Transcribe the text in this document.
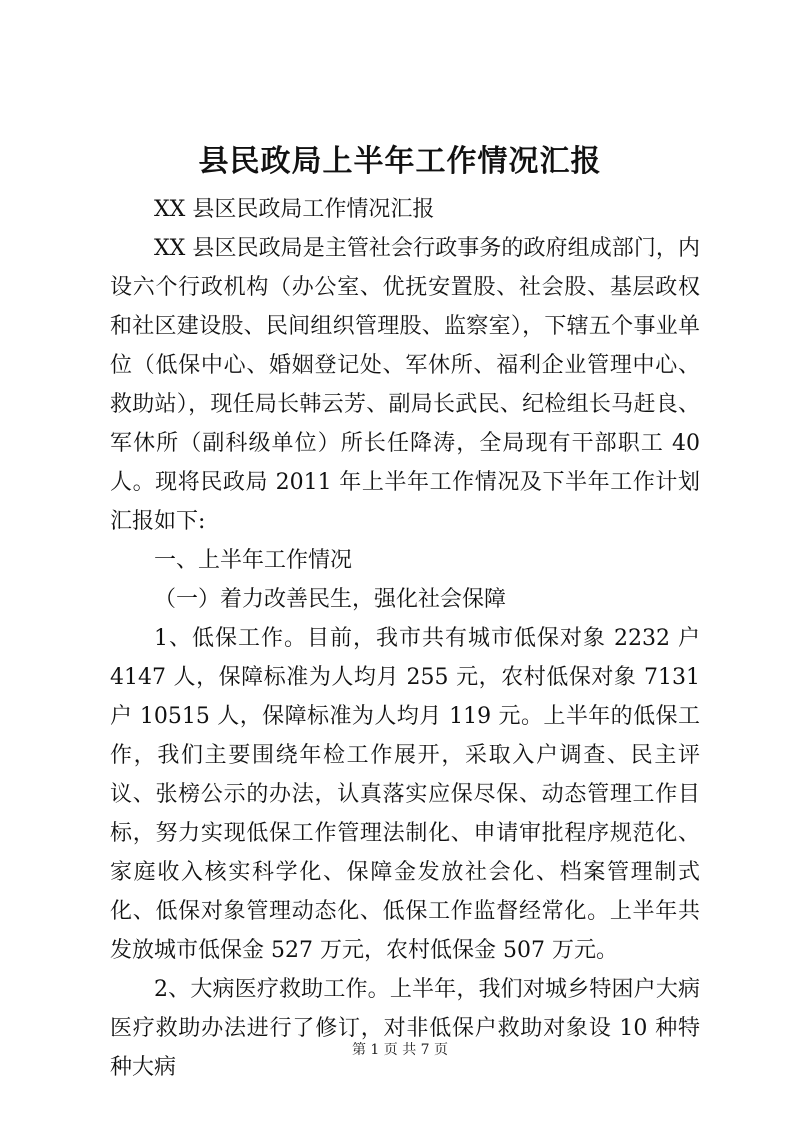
县民政局上半年工作情况汇报

XX 县区民政局工作情况汇报

XX 县区民政局是主管社会行政事务的政府组成部门，内设六个行政机构（办公室、优抚安置股、社会股、基层政权和社区建设股、民间组织管理股、监察室），下辖五个事业单位（低保中心、婚姻登记处、军休所、福利企业管理中心、救助站），现任局长韩云芳、副局长武民、纪检组长马赶良、军休所（副科级单位）所长任降涛，全局现有干部职工 40 人。现将民政局 2011 年上半年工作情况及下半年工作计划汇报如下:

一、上半年工作情况

（一）着力改善民生，强化社会保障

1、低保工作。目前，我市共有城市低保对象 2232 户 4147 人，保障标准为人均月 255 元，农村低保对象 7131 户 10515 人，保障标准为人均月 119 元。上半年的低保工作，我们主要围绕年检工作展开，采取入户调查、民主评议、张榜公示的办法，认真落实应保尽保、动态管理工作目标，努力实现低保工作管理法制化、申请审批程序规范化、家庭收入核实科学化、保障金发放社会化、档案管理制式化、低保对象管理动态化、低保工作监督经常化。上半年共发放城市低保金 527 万元，农村低保金 507 万元。

2、大病医疗救助工作。上半年，我们对城乡特困户大病医疗救助办法进行了修订，对非低保户救助对象设 10 种特种大病

第 1 页 共 7 页
